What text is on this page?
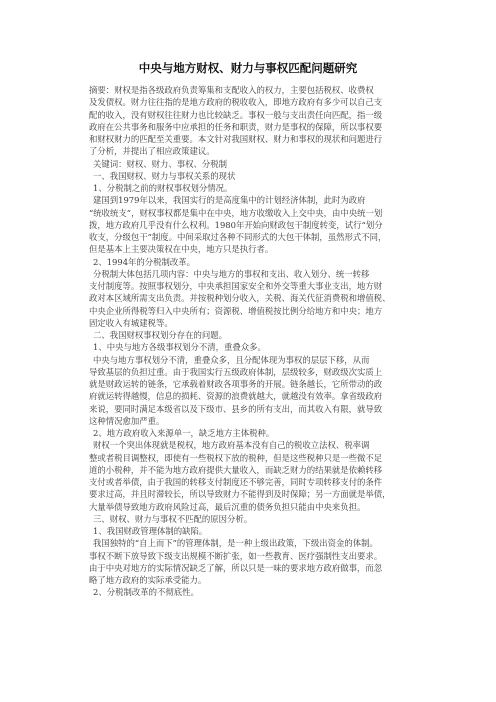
中央与地方财权、财力与事权匹配问题研究

摘要：财权是指各级政府负责筹集和支配收入的权力，主要包括税权、收费权
及发债权。财力往往指的是地方政府的税收收入，即地方政府有多少可以自己支
配的收入，没有财权往往财力也比较缺乏。事权一般与支出责任向匹配，指一级
政府在公共事务和服务中应承担的任务和职责，财力是事权的保障，所以事权要
和财权财力的匹配至关重要。本文针对我国财权、财力和事权的现状和问题进行
了分析，并提出了相应政策建议。

关键词：财权、财力、事权、分税制

一、我国财权、财力与事权关系的现状

1、分税制之前的财权事权划分情况。

建国到1979年以来，我国实行的是高度集中的计划经济体制，此时为政府
“统收统支”，财权事权都是集中在中央，地方收缴收入上交中央，由中央统一划
拨，地方政府几乎没有什么权利。1980年开始向财政包干制度转变，试行“划分
收支，分级包干”制度。中间采取过各种不同形式的大包干体制，虽然形式不同，
但是基本上主要决策权在中央，地方只是执行者。

2、1994年的分税制改革。

分税制大体包括几项内容：中央与地方的事权和支出、收入划分、统一转移
支付制度等。按照事权划分，中央承担国家安全和外交等重大事业支出，地方财
政对本区域所需支出负责。并按税种划分收入，关税、海关代征消费税和增值税、
中央企业所得税等归入中央所有；资源税、增值税按比例分给地方和中央；地方
固定收入有城建税等。

二、我国财权事权划分存在的问题。

1、中央与地方各级事权划分不清，重叠众多。

中央与地方事权划分不清，重叠众多，且分配体现为事权的层层下移，从而
导致基层的负担过重。由于我国实行五级政府体制，层级较多，财政级次实质上
就是财政运转的链条，它承载着财政各项事务的开展。链条越长，它所带动的政
府就运转得越慢，信息的损耗、资源的浪费就越大，就越没有效率。拿省级政府
来说，要同时满足本级省以及下级市、县乡的所有支出，而其收入有限，就导致
这种情况愈加严重。

2、地方政府收入来源单一，缺乏地方主体税种。

财权一个突出体现就是税权，地方政府基本没有自己的税收立法权、税率调
整或者税目调整权，即使有一些税权下放的税种，但是这些税种只是一些微不足
道的小税种，并不能为地方政府提供大量收入，而缺乏财力的结果就是依赖转移
支付或者举债，由于我国的转移支付制度还不够完善，同时专项转移支付的条件
要求过高，并且时滞较长，所以导致财力不能得到及时保障；另一方面就是举债，
大量举债导致地方政府风险过高，最后沉重的债务负担只能由中央来负担。

三、财权、财力与事权不匹配的原因分析。

1、我国财政管理体制的缺陷。

我国独特的“自上而下”的管理体制，是一种上级出政策，下级出资金的体制。
事权不断下放导致下级支出规模不断扩张，如一些教育、医疗强制性支出要求。
由于中央对地方的实际情况缺乏了解，所以只是一味的要求地方政府做事，而忽
略了地方政府的实际承受能力。

2、分税制改革的不彻底性。
